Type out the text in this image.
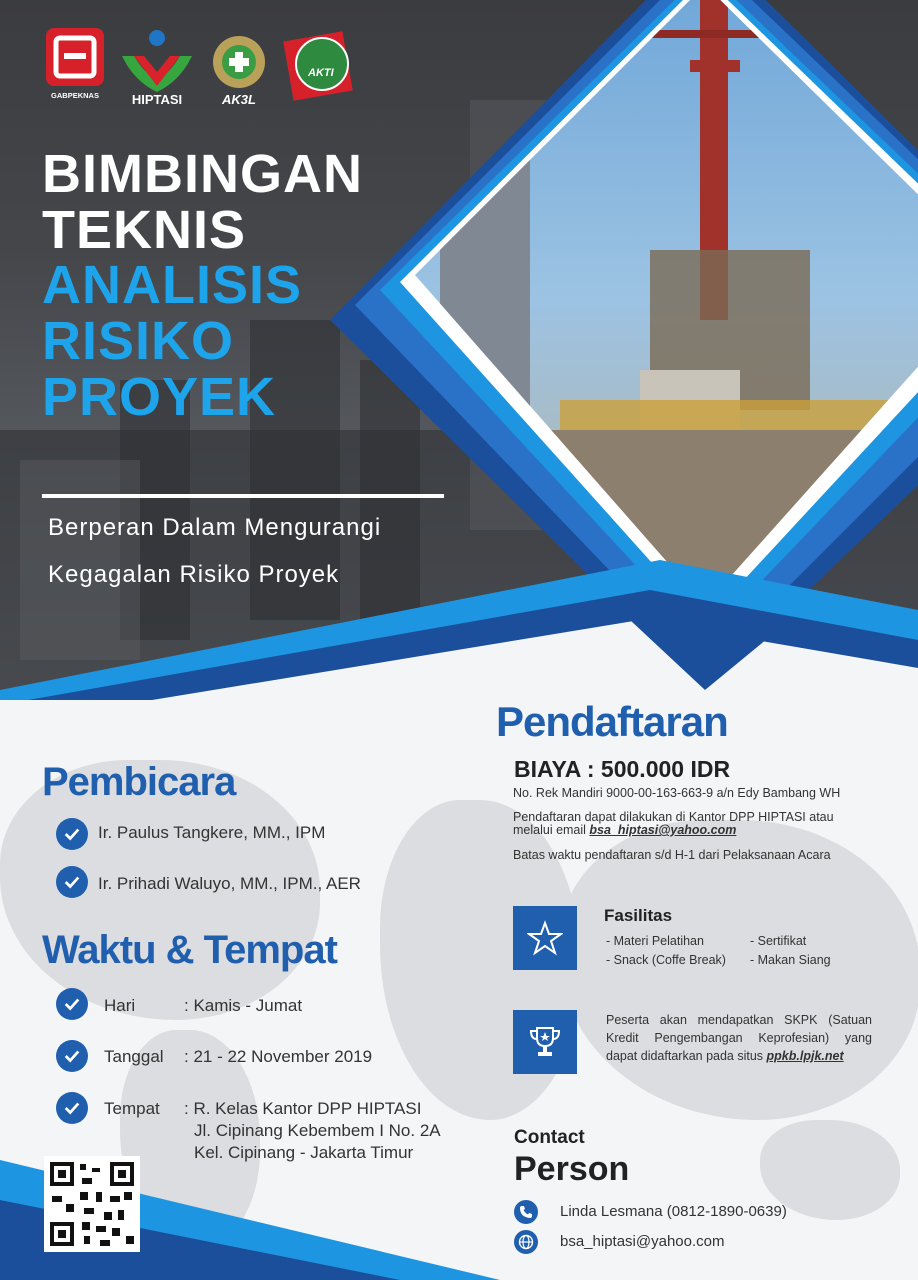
GABPEKNAS	HIPTASI	AK3L
AKTI
BIMBINGAN
TEKNIS
ANALISIS
RISIKO
PROYEK
Berperan Dalam Mengurangi
Kegagalan Risiko Proyek
Pembicara
Ir. Paulus Tangkere, MM., IPM
Ir. Prihadi Waluyo, MM., IPM., AER
Waktu & Tempat
Hari	: Kamis - Jumat
Tanggal : 21 - 22 November 2019
Tempat : R. Kelas Kantor DPP HIPTASI
Jl. Cipinang Kebembem I No. 2A
Kel. Cipinang - Jakarta Timur
Pendaftaran
BIAYA : 500.000 IDR
No. Rek Mandiri 9000-00-163-663-9 a/n Edy Bambang WH
Pendaftaran dapat dilakukan di Kantor DPP HIPTASI atau
melalui email bsa_hiptasi@yahoo.com
Batas waktu pendaftaran s/d H-1 dari Pelaksanaan Acara
Fasilitas
- Materi Pelatihan	- Sertifikat
- Snack (Coffe Break) - Makan Siang
Peserta akan mendapatkan SKPK (Satuan
Kredit Pengembangan Keprofesian) yang
dapat didaftarkan pada situs ppkb.lpjk.net
Contact
Person
Linda Lesmana (0812-1890-0639)
bsa_hiptasi@yahoo.com
